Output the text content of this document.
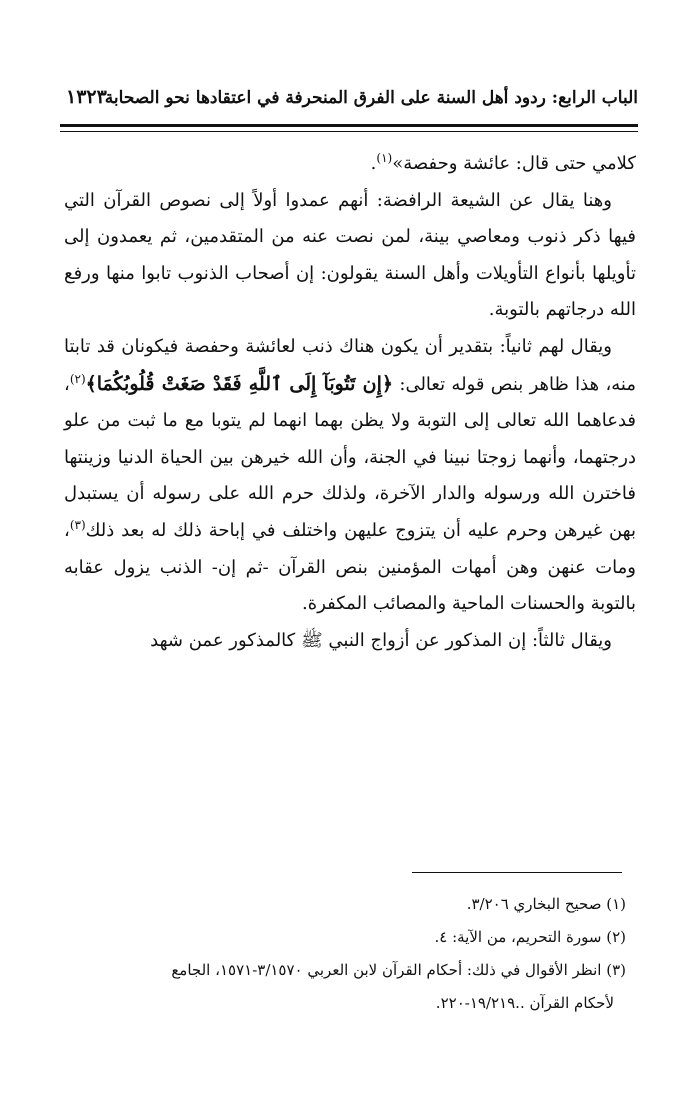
الباب الرابع: ردود أهل السنة على الفرق المنحرفة في اعتقادها نحو الصحابة
١٣٢٣

كلامي حتى قال: عائشة وحفصة»$^{(١)}$.

وهنا يقال عن الشيعة الرافضة: أنهم عمدوا أولاً إلى نصوص القرآن التي فيها ذكر ذنوب ومعاصي بينة، لمن نصت عنه من المتقدمين، ثم يعمدون إلى تأويلها بأنواع التأويلات وأهل السنة يقولون: إن أصحاب الذنوب تابوا منها ورفع الله درجاتهم بالتوبة.

ويقال لهم ثانياً: بتقدير أن يكون هناك ذنب لعائشة وحفصة فيكونان قد تابتا منه، هذا ظاهر بنص قوله تعالى: ﴿إِن تَتُوبَآ إِلَى ٱللَّهِ فَقَدْ صَغَتْ قُلُوبُكُمَا﴾$^{(٢)}$، فدعاهما الله تعالى إلى التوبة ولا يظن بهما انهما لم يتوبا مع ما ثبت من علو درجتهما، وأنهما زوجتا نبينا في الجنة، وأن الله خيرهن بين الحياة الدنيا وزينتها فاخترن الله ورسوله والدار الآخرة، ولذلك حرم الله على رسوله أن يستبدل بهن غيرهن وحرم عليه أن يتزوج عليهن واختلف في إباحة ذلك له بعد ذلك$^{(٣)}$، ومات عنهن وهن أمهات المؤمنين بنص القرآن -ثم إن- الذنب يزول عقابه بالتوبة والحسنات الماحية والمصائب المكفرة.

ويقال ثالثاً: إن المذكور عن أزواج النبي ﷺ كالمذكور عمن شهد

(١) صحيح البخاري ٣/٢٠٦.

(٢) سورة التحريم، من الآية: ٤.

(٣) انظر الأقوال في ذلك: أحكام القرآن لابن العربي ٣/١٥٧٠-١٥٧١، الجامع

لأحكام القرآن ..١٩/٢١٩-٢٢٠.
